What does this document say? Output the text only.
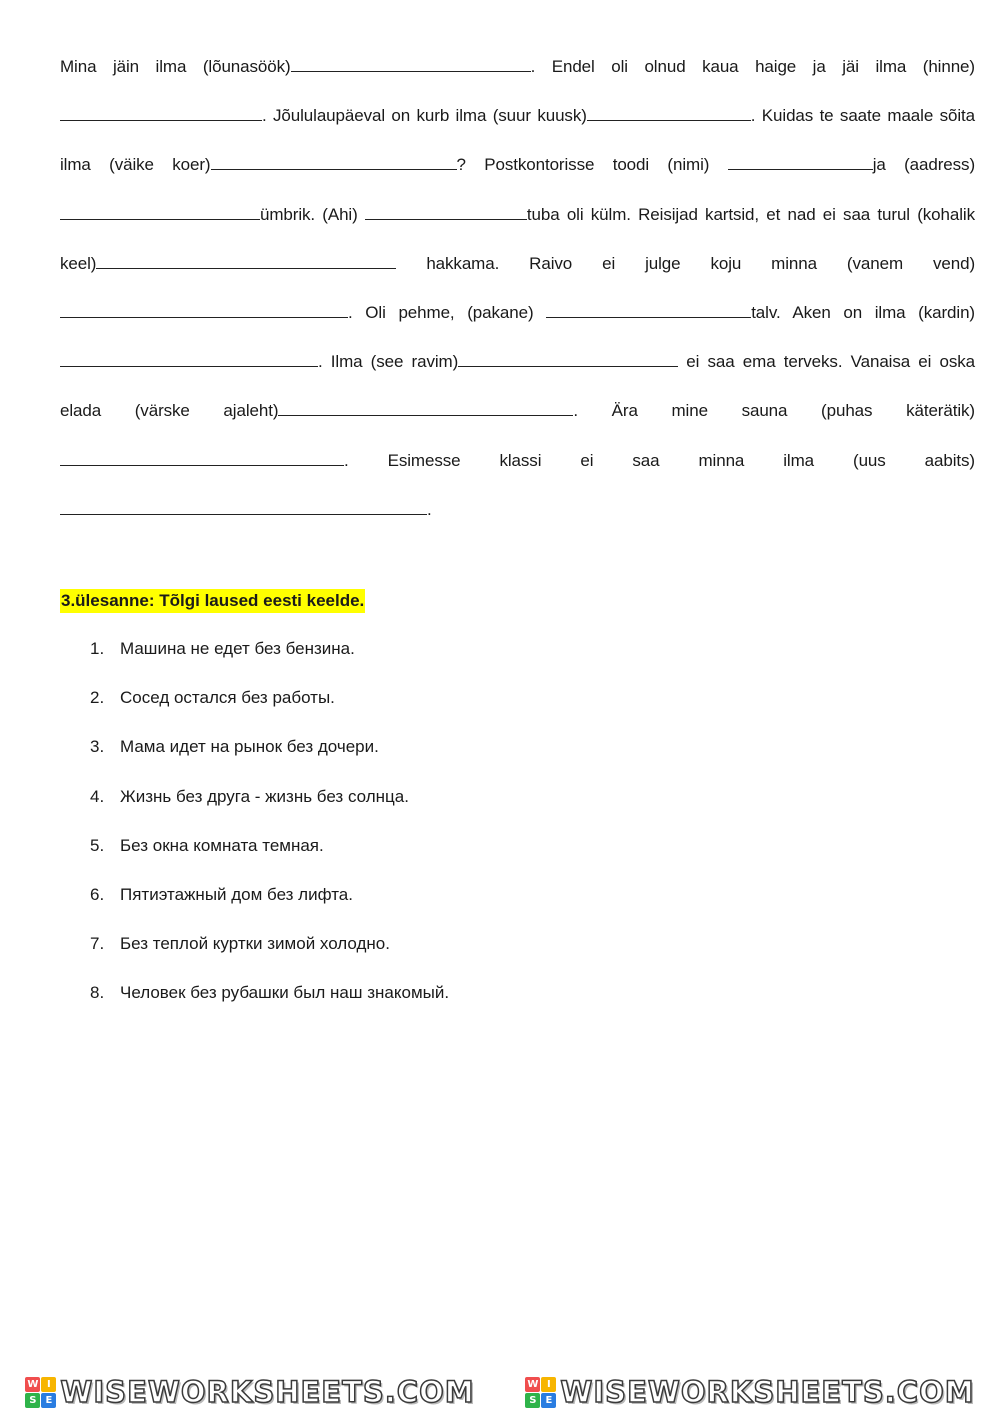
Mina jäin ilma (lõunasöök)	. Endel oli olnud kaua haige ja jäi ilma (hinne). Jõululaupäeval on kurb ilma (suur kuusk)	. Kuidas te saate maale sõita ilma (väike koer)	? Postkontorisse toodi (nimi)	ja (aadress) ümbrik. (Ahi)	tuba oli külm. Reisijad kartsid, et nad ei saa turul (kohalik keel)	hakkama. Raivo ei julge koju minna (vanem vend). Oli pehme, (pakane)	talv. Aken on ilma (kardin). Ilma (see ravim)	ei saa ema terveks. Vanaisa ei oska elada (värske ajaleht)	. Ära mine sauna (puhas käterätik). Esimesse klassi ei saa minna ilma (uus aabits).
3.ülesanne: Tõlgi laused eesti keelde.
1. Машина не едет без бензина.
2. Сосед остался без работы.
3. Мама идет на рынок без дочери.
4. Жизнь без друга - жизнь без солнца.
5. Без окна комната темная.
6. Пятиэтажный дом без лифта.
7. Без теплой куртки зимой холодно.
8. Человек без рубашки был наш знакомый.
W I
S E WISEWORKSHEETS.COM	W I
S E WISEWORKSHEETS.COM
